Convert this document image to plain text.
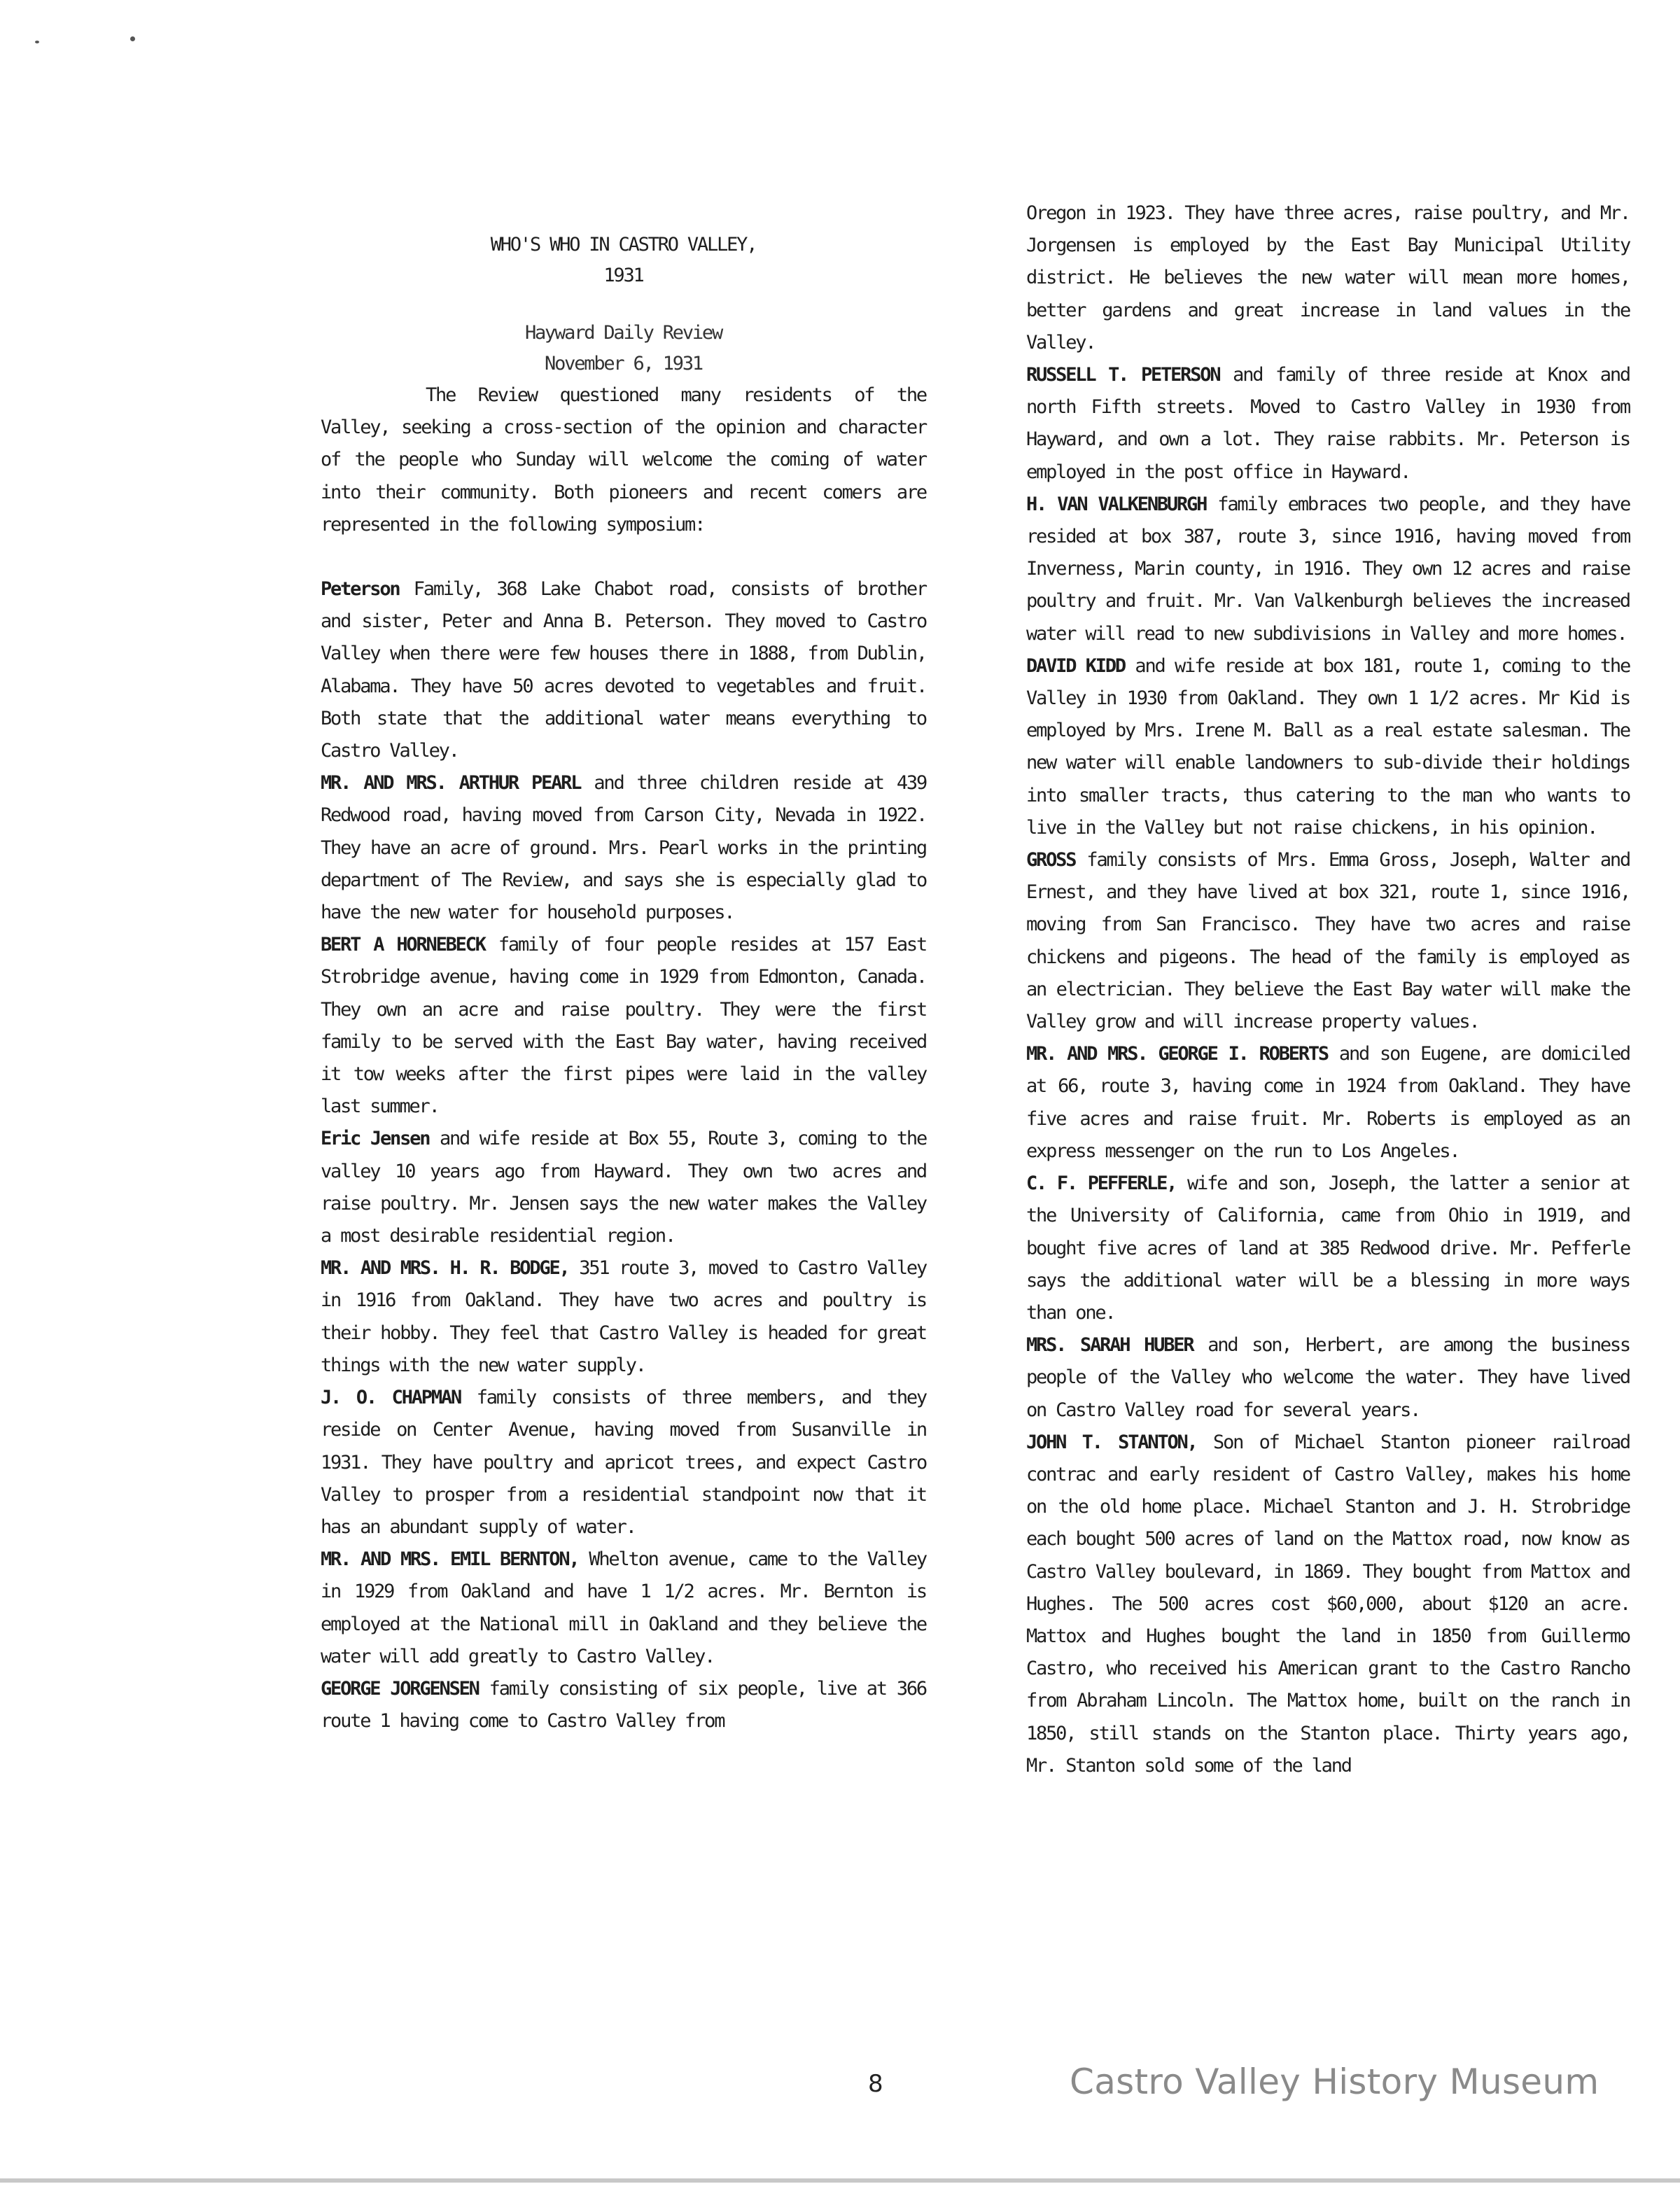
WHO'S WHO IN CASTRO VALLEY,
1931
Hayward Daily Review
November 6, 1931

The Review questioned many residents of the Valley, seeking a cross-section of the opinion and character of the people who Sunday will welcome the coming of water into their community. Both pioneers and recent comers are represented in the following symposium:

Peterson Family, 368 Lake Chabot road, consists of brother and sister, Peter and Anna B. Peterson. They moved to Castro Valley when there were few houses there in 1888, from Dublin, Alabama. They have 50 acres devoted to vegetables and fruit. Both state that the additional water means everything to Castro Valley.

MR. AND MRS. ARTHUR PEARL and three children reside at 439 Redwood road, having moved from Carson City, Nevada in 1922. They have an acre of ground. Mrs. Pearl works in the printing department of The Review, and says she is especially glad to have the new water for household purposes.

BERT A HORNEBECK family of four people resides at 157 East Strobridge avenue, having come in 1929 from Edmonton, Canada. They own an acre and raise poultry. They were the first family to be served with the East Bay water, having received it tow weeks after the first pipes were laid in the valley last summer.

Eric Jensen and wife reside at Box 55, Route 3, coming to the valley 10 years ago from Hayward. They own two acres and raise poultry. Mr. Jensen says the new water makes the Valley a most desirable residential region.

MR. AND MRS. H. R. BODGE, 351 route 3, moved to Castro Valley in 1916 from Oakland. They have two acres and poultry is their hobby. They feel that Castro Valley is headed for great things with the new water supply.

J. O. CHAPMAN family consists of three members, and they reside on Center Avenue, having moved from Susanville in 1931. They have poultry and apricot trees, and expect Castro Valley to prosper from a residential standpoint now that it has an abundant supply of water.

MR. AND MRS. EMIL BERNTON, Whelton avenue, came to the Valley in 1929 from Oakland and have 1 1/2 acres. Mr. Bernton is employed at the National mill in Oakland and they believe the water will add greatly to Castro Valley.

GEORGE JORGENSEN family consisting of six people, live at 366 route 1 having come to Castro Valley from

Oregon in 1923. They have three acres, raise poultry, and Mr. Jorgensen is employed by the East Bay Municipal Utility district. He believes the new water will mean more homes, better gardens and great increase in land values in the Valley.

RUSSELL T. PETERSON and family of three reside at Knox and north Fifth streets. Moved to Castro Valley in 1930 from Hayward, and own a lot. They raise rabbits. Mr. Peterson is employed in the post office in Hayward.

H. VAN VALKENBURGH family embraces two people, and they have resided at box 387, route 3, since 1916, having moved from Inverness, Marin county, in 1916. They own 12 acres and raise poultry and fruit. Mr. Van Valkenburgh believes the increased water will read to new subdivisions in Valley and more homes.

DAVID KIDD and wife reside at box 181, route 1, coming to the Valley in 1930 from Oakland. They own 1 1/2 acres. Mr Kid is employed by Mrs. Irene M. Ball as a real estate salesman. The new water will enable landowners to sub-divide their holdings into smaller tracts, thus catering to the man who wants to live in the Valley but not raise chickens, in his opinion.

GROSS family consists of Mrs. Emma Gross, Joseph, Walter and Ernest, and they have lived at box 321, route 1, since 1916, moving from San Francisco. They have two acres and raise chickens and pigeons. The head of the family is employed as an electrician. They believe the East Bay water will make the Valley grow and will increase property values.

MR. AND MRS. GEORGE I. ROBERTS and son Eugene, are domiciled at 66, route 3, having come in 1924 from Oakland. They have five acres and raise fruit. Mr. Roberts is employed as an express messenger on the run to Los Angeles.

C. F. PEFFERLE, wife and son, Joseph, the latter a senior at the University of California, came from Ohio in 1919, and bought five acres of land at 385 Redwood drive. Mr. Pefferle says the additional water will be a blessing in more ways than one.

MRS. SARAH HUBER and son, Herbert, are among the business people of the Valley who welcome the water. They have lived on Castro Valley road for several years.

JOHN T. STANTON, Son of Michael Stanton pioneer railroad contrac and early resident of Castro Valley, makes his home on the old home place. Michael Stanton and J. H. Strobridge each bought 500 acres of land on the Mattox road, now know as Castro Valley boulevard, in 1869. They bought from Mattox and Hughes. The 500 acres cost $60,000, about $120 an acre. Mattox and Hughes bought the land in 1850 from Guillermo Castro, who received his American grant to the Castro Rancho from Abraham Lincoln. The Mattox home, built on the ranch in 1850, still stands on the Stanton place. Thirty years ago, Mr. Stanton sold some of the land

8	Castro Valley History Museum
